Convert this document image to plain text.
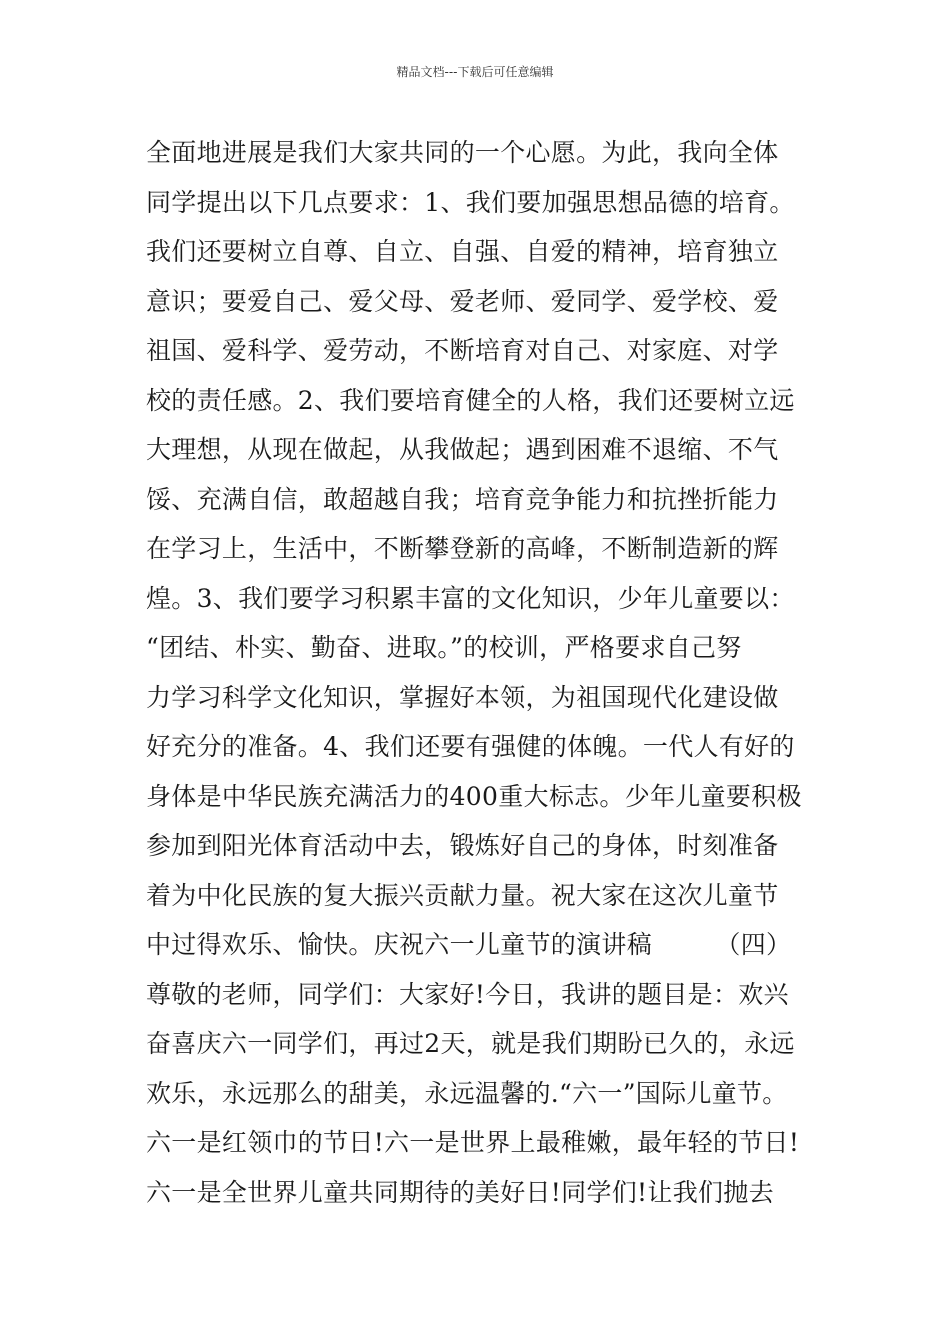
精品文档---下载后可任意编辑
全面地进展是我们大家共同的一个心愿。为此，我向全体
同学提出以下几点要求：1、我们要加强思想品德的培育。
我们还要树立自尊、自立、自强、自爱的精神，培育独立
意识；要爱自己、爱父母、爱老师、爱同学、爱学校、爱
祖国、爱科学、爱劳动，不断培育对自己、对家庭、对学
校的责任感。2、我们要培育健全的人格，我们还要树立远
大理想，从现在做起，从我做起；遇到困难不退缩、不气
馁、充满自信，敢超越自我；培育竞争能力和抗挫折能力
在学习上，生活中，不断攀登新的高峰，不断制造新的辉
煌。3、我们要学习积累丰富的文化知识，少年儿童要以：
“团结、朴实、勤奋、进取。”的校训，严格要求自己努
力学习科学文化知识，掌握好本领，为祖国现代化建设做
好充分的准备。4、我们还要有强健的体魄。一代人有好的
身体是中华民族充满活力的400重大标志。少年儿童要积极
参加到阳光体育活动中去，锻炼好自己的身体，时刻准备
着为中化民族的复大振兴贡献力量。祝大家在这次儿童节
中过得欢乐、愉快。庆祝六一儿童节的演讲稿　　　（四）
尊敬的老师，同学们：大家好!今日，我讲的题目是：欢兴
奋喜庆六一同学们，再过2天，就是我们期盼已久的，永远
欢乐，永远那么的甜美，永远温馨的.“六一”国际儿童节。
六一是红领巾的节日!六一是世界上最稚嫩，最年轻的节日!
六一是全世界儿童共同期待的美好日!同学们!让我们抛去
